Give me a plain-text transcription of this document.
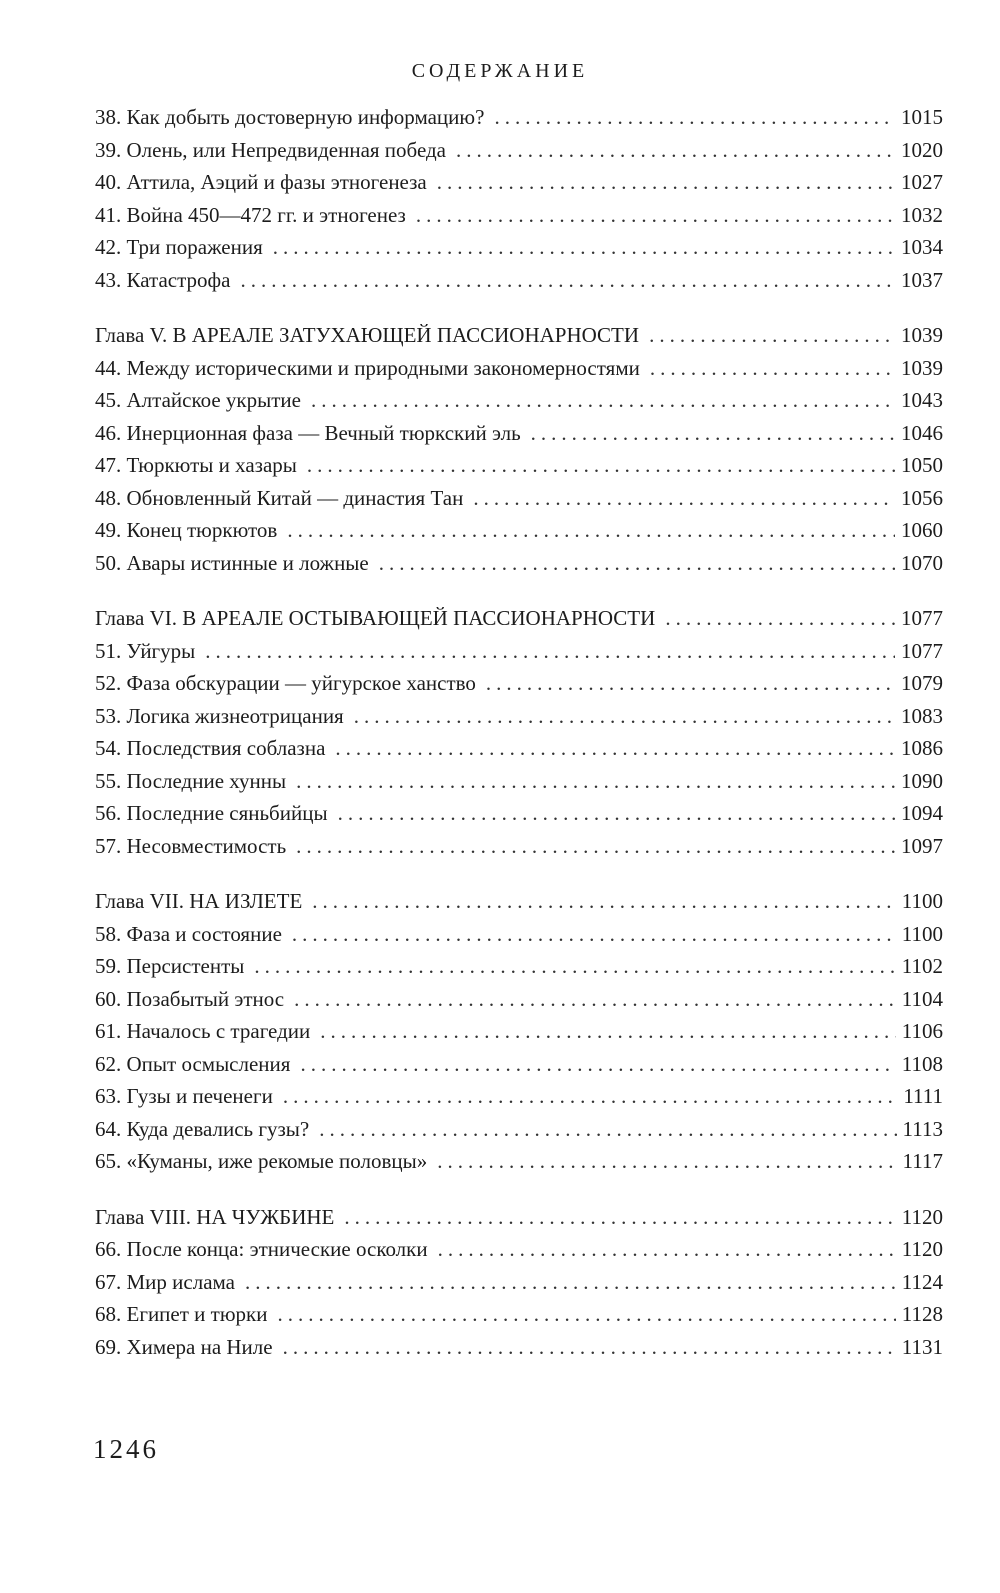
СОДЕРЖАНИЕ
38. Как добыть достоверную информацию? .....	1015
39. Олень, или Непредвиденная победа .....	1020
40. Аттила, Аэций и фазы этногенеза .....	1027
41. Война 450—472 гг. и этногенез .....	1032
42. Три поражения .....	1034
43. Катастрофа .....	1037
Глава V. В АРЕАЛЕ ЗАТУХАЮЩЕЙ ПАССИОНАРНОСТИ .....	1039
44. Между историческими и природными закономерностями .....	1039
45. Алтайское укрытие .....	1043
46. Инерционная фаза — Вечный тюркский эль .....	1046
47. Тюркюты и хазары .....	1050
48. Обновленный Китай — династия Тан .....	1056
49. Конец тюркютов .....	1060
50. Авары истинные и ложные .....	1070
Глава VI. В АРЕАЛЕ ОСТЫВАЮЩЕЙ ПАССИОНАРНОСТИ .....	1077
51. Уйгуры .....	1077
52. Фаза обскурации — уйгурское ханство .....	1079
53. Логика жизнеотрицания .....	1083
54. Последствия соблазна .....	1086
55. Последние хунны .....	1090
56. Последние сяньбийцы .....	1094
57. Несовместимость .....	1097
Глава VII. НА ИЗЛЕТЕ .....	1100
58. Фаза и состояние .....	1100
59. Персистенты .....	1102
60. Позабытый этнос .....	1104
61. Началось с трагедии .....	1106
62. Опыт осмысления .....	1108
63. Гузы и печенеги .....	1111
64. Куда девались гузы? .....	1113
65. «Куманы, иже рекомые половцы» .....	1117
Глава VIII. НА ЧУЖБИНЕ .....	1120
66. После конца: этнические осколки .....	1120
67. Мир ислама .....	1124
68. Египет и тюрки .....	1128
69. Химера на Ниле .....	1131
1246
